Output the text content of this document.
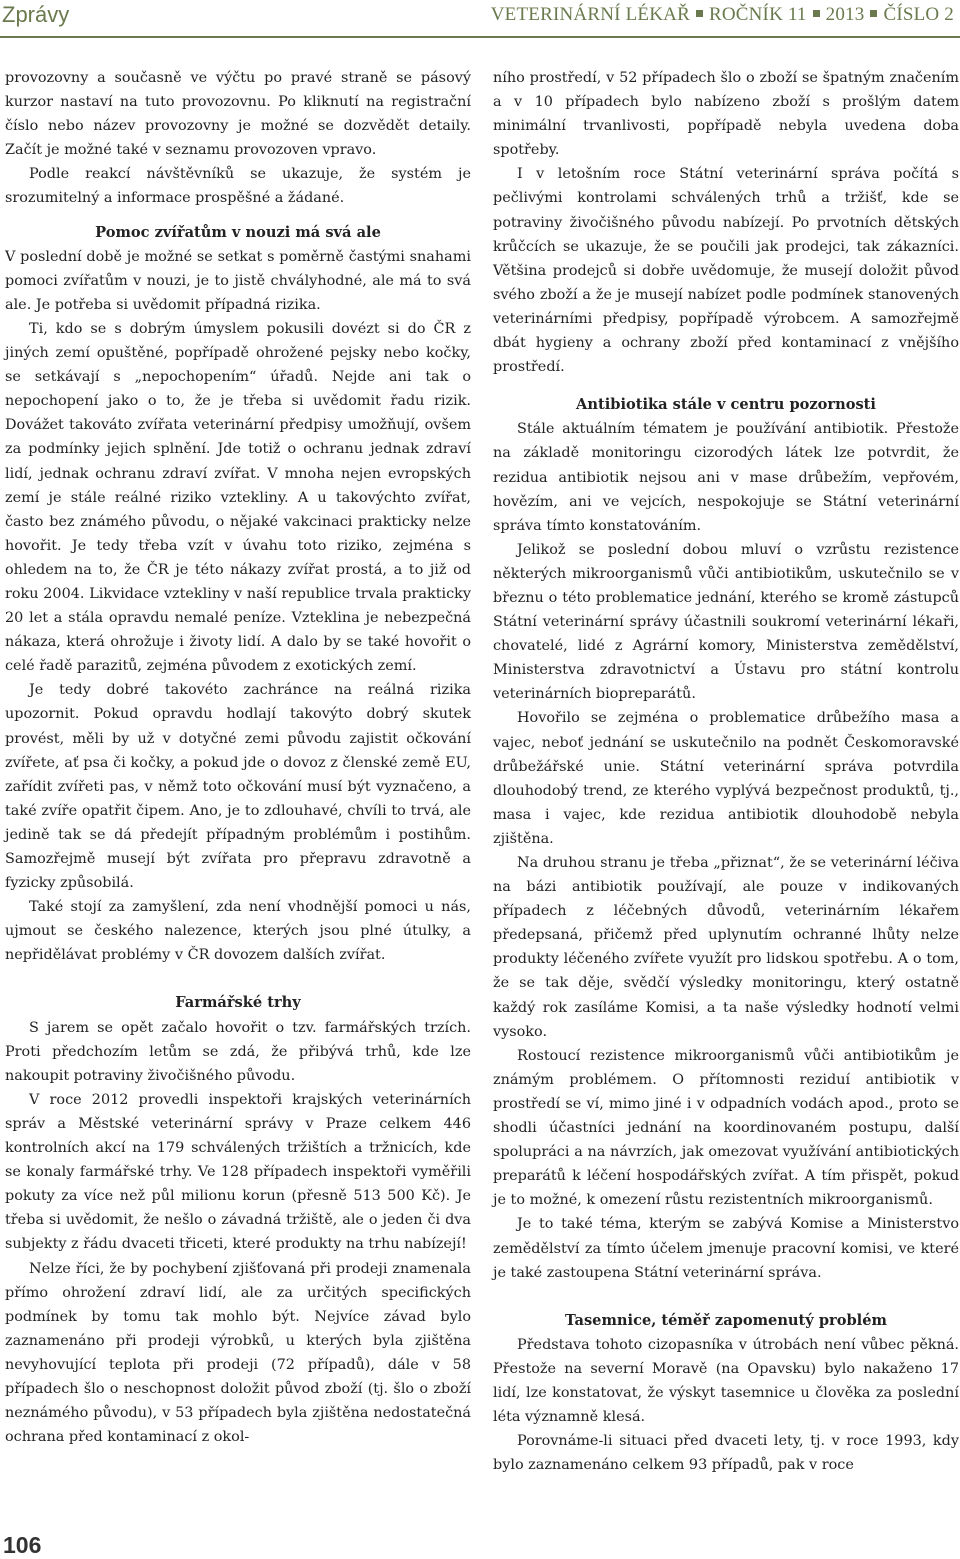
Zprávy	VETERINÁRNÍ LÉKAŘ ROČNÍK 11 2013 ČÍSLO 2

provozovny a současně ve výčtu po pravé straně se pásový kurzor nastaví na tuto provozovnu. Po kliknutí na registrační číslo nebo název provozovny je možné se dozvědět detaily. Začít je možné také v seznamu provozoven vpravo.

Podle reakcí návštěvníků se ukazuje, že systém je srozumitelný a informace prospěšné a žádané.

Pomoc zvířatům v nouzi má svá ale

V poslední době je možné se setkat s poměrně častými snahami pomoci zvířatům v nouzi, je to jistě chvályhodné, ale má to svá ale. Je potřeba si uvědomit případná rizika.

Ti, kdo se s dobrým úmyslem pokusili dovézt si do ČR z jiných zemí opuštěné, popřípadě ohrožené pejsky nebo kočky, se setkávají s „nepochopením“ úřadů. Nejde ani tak o nepochopení jako o to, že je třeba si uvědomit řadu rizik. Dovážet takováto zvířata veterinární předpisy umožňují, ovšem za podmínky jejich splnění. Jde totiž o ochranu jednak zdraví lidí, jednak ochranu zdraví zvířat. V mnoha nejen evropských zemí je stále reálné riziko vztekliny. A u takovýchto zvířat, často bez známého původu, o nějaké vakcinaci prakticky nelze hovořit. Je tedy třeba vzít v úvahu toto riziko, zejména s ohledem na to, že ČR je této nákazy zvířat prostá, a to již od roku 2004. Likvidace vztekliny v naší republice trvala prakticky 20 let a stála opravdu nemalé peníze. Vzteklina je nebezpečná nákaza, která ohrožuje i životy lidí. A dalo by se také hovořit o celé řadě parazitů, zejména původem z exotických zemí.

Je tedy dobré takovéto zachránce na reálná rizika upozornit. Pokud opravdu hodlají takovýto dobrý skutek provést, měli by už v dotyčné zemi původu zajistit očkování zvířete, ať psa či kočky, a pokud jde o dovoz z členské země EU, zařídit zvířeti pas, v němž toto očkování musí být vyznačeno, a také zvíře opatřit čipem. Ano, je to zdlouhavé, chvíli to trvá, ale jedině tak se dá předejít případným problémům i postihům. Samozřejmě musejí být zvířata pro přepravu zdravotně a fyzicky způsobilá.

Také stojí za zamyšlení, zda není vhodnější pomoci u nás, ujmout se českého nalezence, kterých jsou plné útulky, a nepřidělávat problémy v ČR dovozem dalších zvířat.

Farmářské trhy

S jarem se opět začalo hovořit o tzv. farmářských trzích. Proti předchozím letům se zdá, že přibývá trhů, kde lze nakoupit potraviny živočišného původu.

V roce 2012 provedli inspektoři krajských veterinárních správ a Městské veterinární správy v Praze celkem 446 kontrolních akcí na 179 schválených tržištích a tržnicích, kde se konaly farmářské trhy. Ve 128 případech inspektoři vyměřili pokuty za více než půl milionu korun (přesně 513 500 Kč). Je třeba si uvědomit, že nešlo o závadná tržiště, ale o jeden či dva subjekty z řádu dvaceti třiceti, které produkty na trhu nabízejí!

Nelze říci, že by pochybení zjišťovaná při prodeji znamenala přímo ohrožení zdraví lidí, ale za určitých specifických podmínek by tomu tak mohlo být. Nejvíce závad bylo zaznamenáno při prodeji výrobků, u kterých byla zjištěna nevyhovující teplota při prodeji (72 případů), dále v 58 případech šlo o neschopnost doložit původ zboží (tj. šlo o zboží neznámého původu), v 53 případech byla zjištěna nedostatečná ochrana před kontaminací z okol-

ního prostředí, v 52 případech šlo o zboží se špatným značením a v 10 případech bylo nabízeno zboží s prošlým datem minimální trvanlivosti, popřípadě nebyla uvedena doba spotřeby.

I v letošním roce Státní veterinární správa počítá s pečlivými kontrolami schválených trhů a tržišť, kde se potraviny živočišného původu nabízejí. Po prvotních dětských krůčcích se ukazuje, že se poučili jak prodejci, tak zákazníci. Většina prodejců si dobře uvědomuje, že musejí doložit původ svého zboží a že je musejí nabízet podle podmínek stanovených veterinárními předpisy, popřípadě výrobcem. A samozřejmě dbát hygieny a ochrany zboží před kontaminací z vnějšího prostředí.

Antibiotika stále v centru pozornosti

Stále aktuálním tématem je používání antibiotik. Přestože na základě monitoringu cizorodých látek lze potvrdit, že rezidua antibiotik nejsou ani v mase drůbežím, vepřovém, hovězím, ani ve vejcích, nespokojuje se Státní veterinární správa tímto konstatováním.

Jelikož se poslední dobou mluví o vzrůstu rezistence některých mikroorganismů vůči antibiotikům, uskutečnilo se v březnu o této problematice jednání, kterého se kromě zástupců Státní veterinární správy účastnili soukromí veterinární lékaři, chovatelé, lidé z Agrární komory, Ministerstva zemědělství, Ministerstva zdravotnictví a Ústavu pro státní kontrolu veterinárních biopreparátů.

Hovořilo se zejména o problematice drůbežího masa a vajec, neboť jednání se uskutečnilo na podnět Českomoravské drůbežářské unie. Státní veterinární správa potvrdila dlouhodobý trend, ze kterého vyplývá bezpečnost produktů, tj., masa i vajec, kde rezidua antibiotik dlouhodobě nebyla zjištěna.

Na druhou stranu je třeba „přiznat“, že se veterinární léčiva na bázi antibiotik používají, ale pouze v indikovaných případech z léčebných důvodů, veterinárním lékařem předepsaná, přičemž před uplynutím ochranné lhůty nelze produkty léčeného zvířete využít pro lidskou spotřebu. A o tom, že se tak děje, svědčí výsledky monitoringu, který ostatně každý rok zasíláme Komisi, a ta naše výsledky hodnotí velmi vysoko.

Rostoucí rezistence mikroorganismů vůči antibiotikům je známým problémem. O přítomnosti reziduí antibiotik v prostředí se ví, mimo jiné i v odpadních vodách apod., proto se shodli účastníci jednání na koordinovaném postupu, další spolupráci a na návrzích, jak omezovat využívání antibiotických preparátů k léčení hospodářských zvířat. A tím přispět, pokud je to možné, k omezení růstu rezistentních mikroorganismů.

Je to také téma, kterým se zabývá Komise a Ministerstvo zemědělství za tímto účelem jmenuje pracovní komisi, ve které je také zastoupena Státní veterinární správa.

Tasemnice, téměř zapomenutý problém

Představa tohoto cizopasníka v útrobách není vůbec pěkná. Přestože na severní Moravě (na Opavsku) bylo nakaženo 17 lidí, lze konstatovat, že výskyt tasemnice u člověka za poslední léta významně klesá.

Porovnáme-li situaci před dvaceti lety, tj. v roce 1993, kdy bylo zaznamenáno celkem 93 případů, pak v roce

106
